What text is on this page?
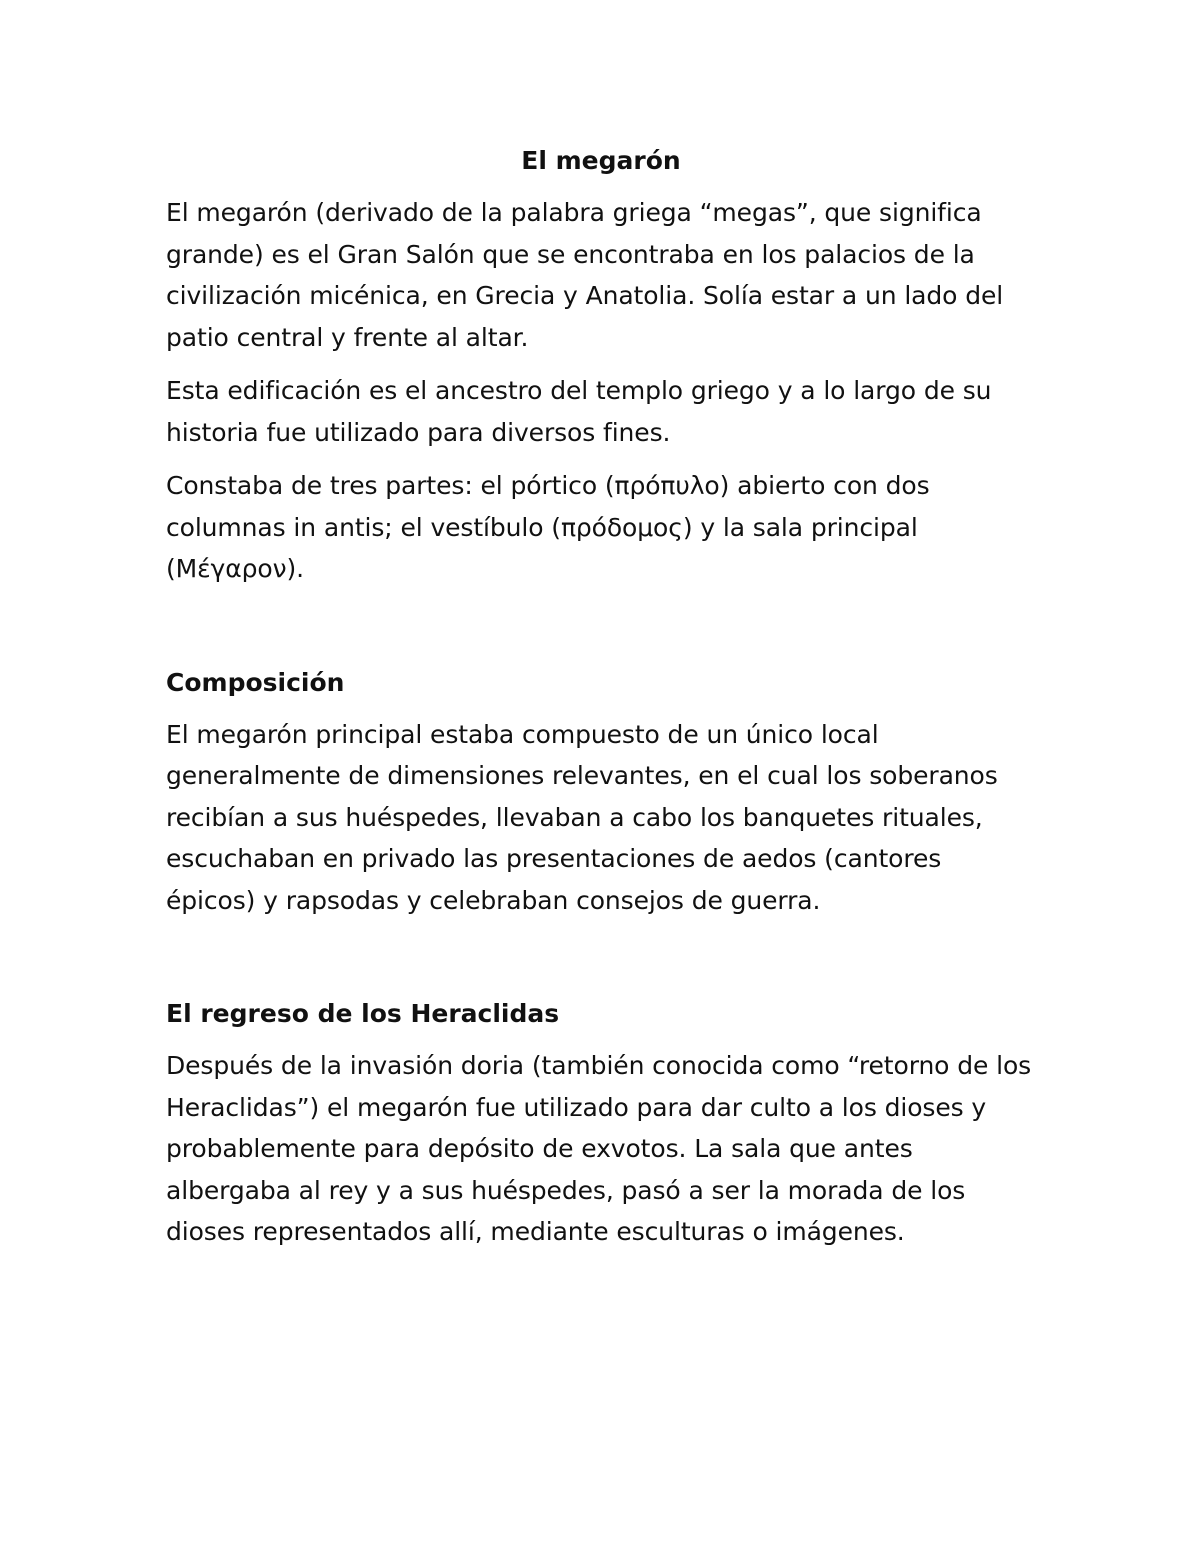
El megarón

El megarón (derivado de la palabra griega “megas”, que significa grande) es el Gran Salón que se encontraba en los palacios de la civilización micénica, en Grecia y Anatolia. Solía estar a un lado del patio central y frente al altar.

Esta edificación es el ancestro del templo griego y a lo largo de su historia fue utilizado para diversos fines.

Constaba de tres partes: el pórtico (πρόπυλο) abierto con dos columnas in antis; el vestíbulo (πρόδομος) y la sala principal (Μέγαρον).

Composición

El megarón principal estaba compuesto de un único local generalmente de dimensiones relevantes, en el cual los soberanos recibían a sus huéspedes, llevaban a cabo los banquetes rituales, escuchaban en privado las presentaciones de aedos (cantores épicos) y rapsodas y celebraban consejos de guerra.

El regreso de los Heraclidas

Después de la invasión doria (también conocida como “retorno de los Heraclidas”) el megarón fue utilizado para dar culto a los dioses y probablemente para depósito de exvotos. La sala que antes albergaba al rey y a sus huéspedes, pasó a ser la morada de los dioses representados allí, mediante esculturas o imágenes.
